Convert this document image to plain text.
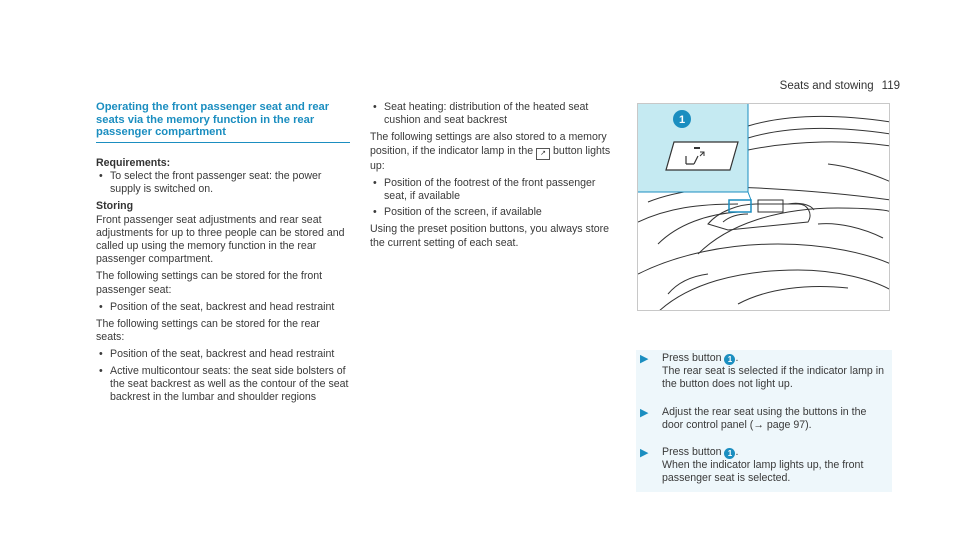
Seats and stowing 119
Operating the front passenger seat and rear seats via the memory function in the rear passenger compartment
Requirements:
• To select the front passenger seat: the power supply is switched on.
Storing

Front passenger seat adjustments and rear seat adjustments for up to three people can be stored and called up using the memory function in the rear passenger compartment.

The following settings can be stored for the front passenger seat:

• Position of the seat, backrest and head restraint

The following settings can be stored for the rear seats:

• Position of the seat, backrest and head restraint
• Active multicontour seats: the seat side bolsters of the seat backrest as well as the contour of the seat backrest in the lumbar and shoulder regions
• Seat heating: distribution of the heated seat cushion and seat backrest

The following settings are also stored to a memory position, if the indicator lamp in the ↗ button lights up:

• Position of the footrest of the front passenger seat, if available
• Position of the screen, if available

Using the preset position buttons, you always store the current setting of each seat.

1
▶	Press button 1 .
The rear seat is selected if the indicator lamp in the button does not light up.
▶	Adjust the rear seat using the buttons in the door control panel (→ page 97).
▶	Press button 1 .
When the indicator lamp lights up, the front passenger seat is selected.
